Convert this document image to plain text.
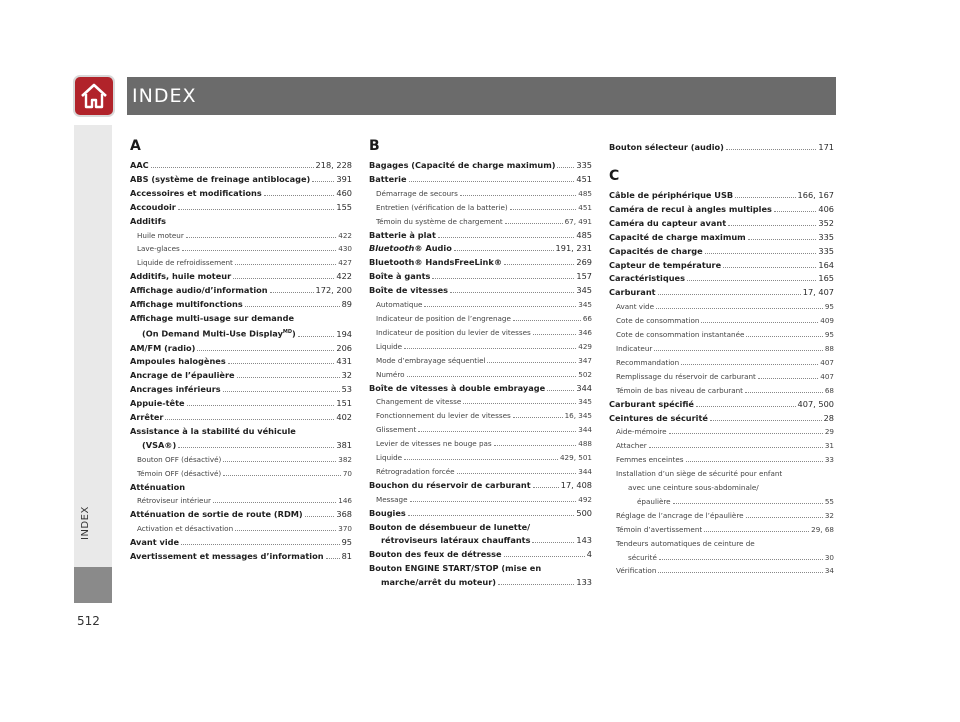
INDEX
INDEX
512
A
AAC	218, 228
ABS (système de freinage antiblocage)	391
Accessoires et modifications	460
Accoudoir	155
Additifs
Huile moteur	422
Lave-glaces	430
Liquide de refroidissement	427
Additifs, huile moteur	422
Affichage audio/d’information	172, 200
Affichage multifonctions	89
Affichage multi-usage sur demande
(On Demand Multi-Use Display$^{MD}$)	194
AM/FM (radio)	206
Ampoules halogènes	431
Ancrage de l’épaulière	32
Ancrages inférieurs	53
Appuie-tête	151
Arrêter	402
Assistance à la stabilité du véhicule
(VSA®)	381
Bouton OFF (désactivé)	382
Témoin OFF (désactivé)	70
Atténuation
Rétroviseur intérieur	146
Atténuation de sortie de route (RDM)	368
Activation et désactivation	370
Avant vide	95
Avertissement et messages d’information 81
B
Bagages (Capacité de charge maximum)	335
Batterie	451
Démarrage de secours	485
Entretien (vérification de la batterie)	451
Témoin du système de chargement	67, 491
Batterie à plat	485
Bluetooth® Audio	191, 231
Bluetooth® HandsFreeLink®	269
Boîte à gants	157
Boîte de vitesses	345
Automatique	345
Indicateur de position de l’engrenage	66
Indicateur de position du levier de vitesses	346
Liquide	429
Mode d’embrayage séquentiel	347
Numéro	502
Boîte de vitesses à double embrayage	344
Changement de vitesse	345
Fonctionnement du levier de vitesses	16, 345
Glissement	344
Levier de vitesses ne bouge pas	488
Liquide	429, 501
Rétrogradation forcée	344
Bouchon du réservoir de carburant	17, 408
Message	492
Bougies	500
Bouton de désembueur de lunette/
rétroviseurs latéraux chauffants	143
Bouton des feux de détresse	4
Bouton ENGINE START/STOP (mise en
marche/arrêt du moteur)	133
Bouton sélecteur (audio)	171
C
Câble de périphérique USB	166, 167
Caméra de recul à angles multiples	406
Caméra du capteur avant	352
Capacité de charge maximum	335
Capacités de charge	335
Capteur de température	164
Caractéristiques	165
Carburant	17, 407
Avant vide	95
Cote de consommation	409
Cote de consommation instantanée	95
Indicateur	88
Recommandation	407
Remplissage du réservoir de carburant	407
Témoin de bas niveau de carburant	68
Carburant spécifié	407, 500
Ceintures de sécurité	28
Aide-mémoire	29
Attacher	31
Femmes enceintes	33
Installation d’un siège de sécurité pour enfant
avec une ceinture sous-abdominale/
épaulière	55
Réglage de l’ancrage de l’épaulière	32
Témoin d’avertissement	29, 68
Tendeurs automatiques de ceinture de
sécurité	30
Vérification	34
